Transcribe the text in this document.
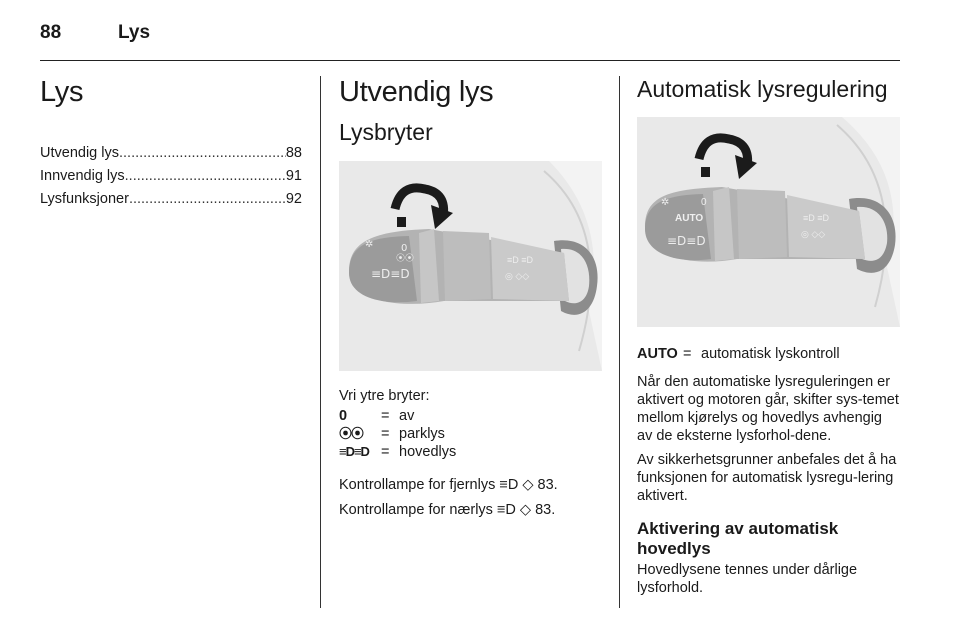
88	Lys
Lys
Utvendig lys .....	88
Innvendig lys .....	91
Lysfunksjoner .....	92
Utvendig lys
Lysbryter
≡D≡D
⦿⦿
0
✲
≡D ≡D
◎ ◇◇

Vri ytre bryter:

0	= av
⦿⦿	= parklys
≡D≡D = hovedlys

Kontrollampe for fjernlys ≡D ◇ 83.

Kontrollampe for nærlys ≡D ◇ 83.

Automatisk lysregulering
AUTO
≡D≡D
✲	0
≡D ≡D
◎ ◇◇
AUTO = automatisk lyskontroll

Når den automatiske lysreguleringen er aktivert og motoren går, skifter sys-temet mellom kjørelys og hovedlys avhengig av de eksterne lysforhol-dene.

Av sikkerhetsgrunner anbefales det å ha funksjonen for automatisk lysregu-lering aktivert.

Aktivering av automatisk hovedlys

Hovedlysene tennes under dårlige lysforhold.
